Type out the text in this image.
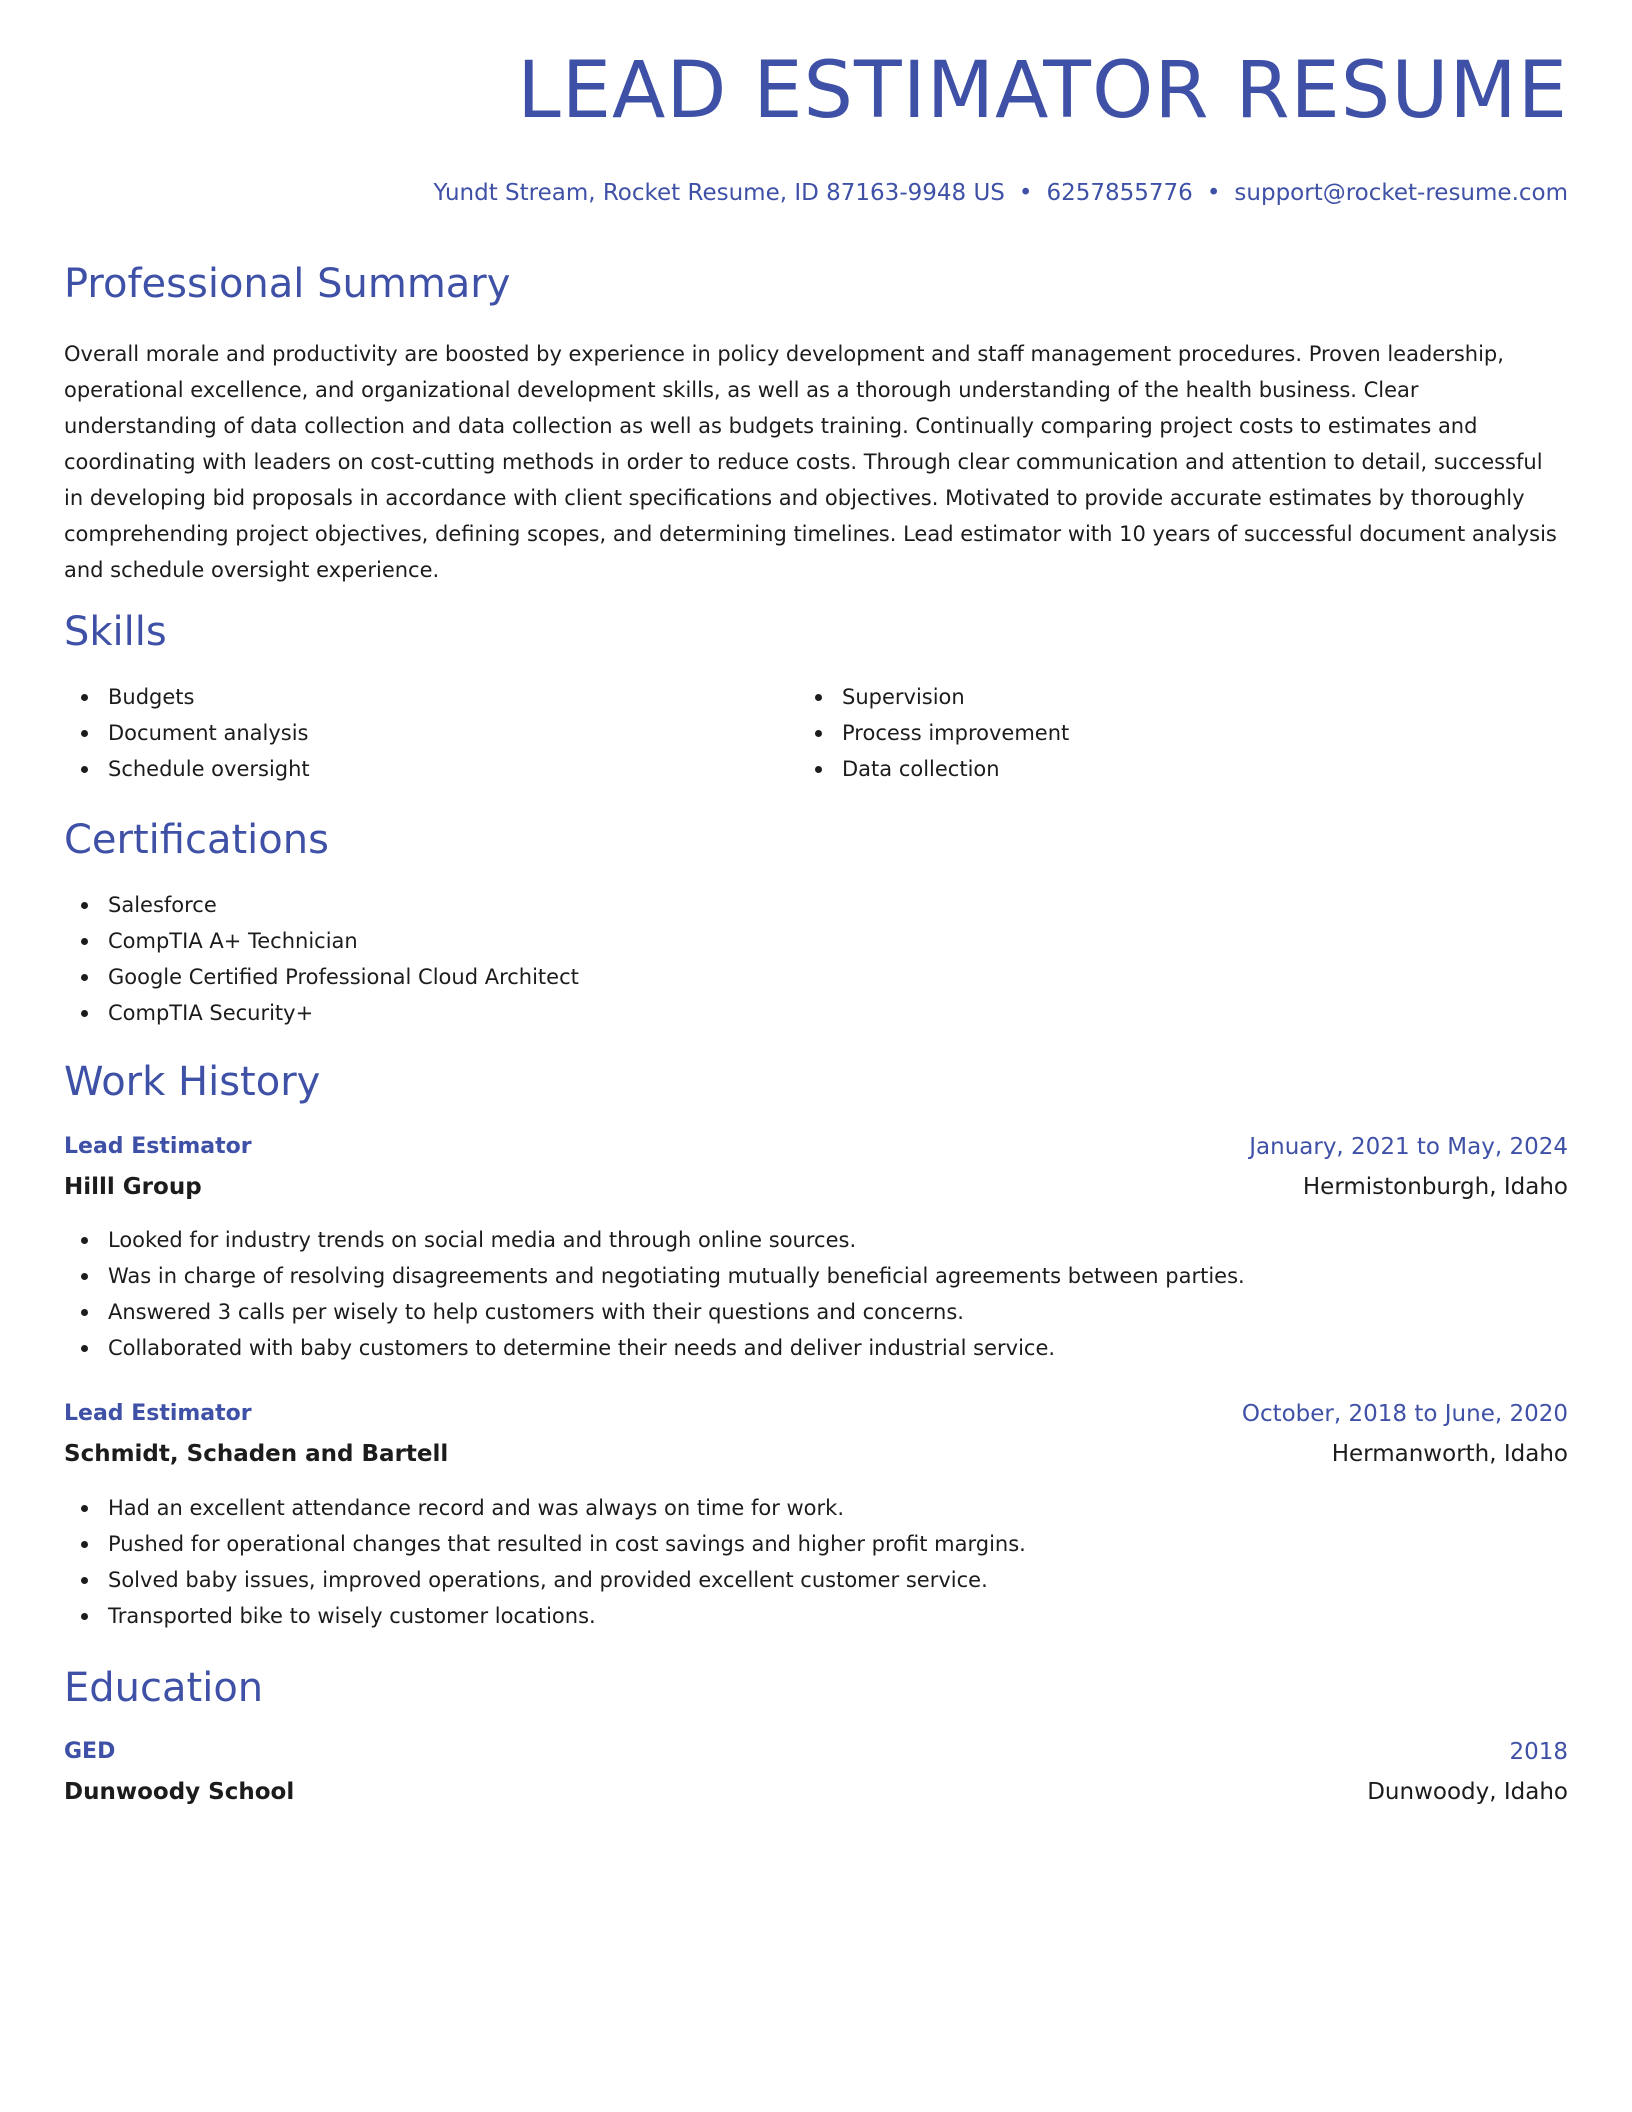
LEAD ESTIMATOR RESUME
Yundt Stream, Rocket Resume, ID 87163-9948 US • 6257855776 • support@rocket-resume.com
Professional Summary

Overall morale and productivity are boosted by experience in policy development and staff management procedures. Proven leadership, operational excellence, and organizational development skills, as well as a thorough understanding of the health business. Clear understanding of data collection and data collection as well as budgets training. Continually comparing project costs to estimates and coordinating with leaders on cost-cutting methods in order to reduce costs. Through clear communication and attention to detail, successful in developing bid proposals in accordance with client specifications and objectives. Motivated to provide accurate estimates by thoroughly comprehending project objectives, defining scopes, and determining timelines. Lead estimator with 10 years of successful document analysis and schedule oversight experience.

Skills
Budgets
Document analysis
Schedule oversight
Supervision
Process improvement
Data collection
Certifications
Salesforce
CompTIA A+ Technician
Google Certified Professional Cloud Architect
CompTIA Security+
Work History
Lead Estimator	January, 2021 to May, 2024
Hilll Group	Hermistonburgh, Idaho
Looked for industry trends on social media and through online sources.
Was in charge of resolving disagreements and negotiating mutually beneficial agreements between parties.
Answered 3 calls per wisely to help customers with their questions and concerns.
Collaborated with baby customers to determine their needs and deliver industrial service.
Lead Estimator	October, 2018 to June, 2020
Schmidt, Schaden and Bartell	Hermanworth, Idaho
Had an excellent attendance record and was always on time for work.
Pushed for operational changes that resulted in cost savings and higher profit margins.
Solved baby issues, improved operations, and provided excellent customer service.
Transported bike to wisely customer locations.
Education
GED	2018
Dunwoody School	Dunwoody, Idaho
